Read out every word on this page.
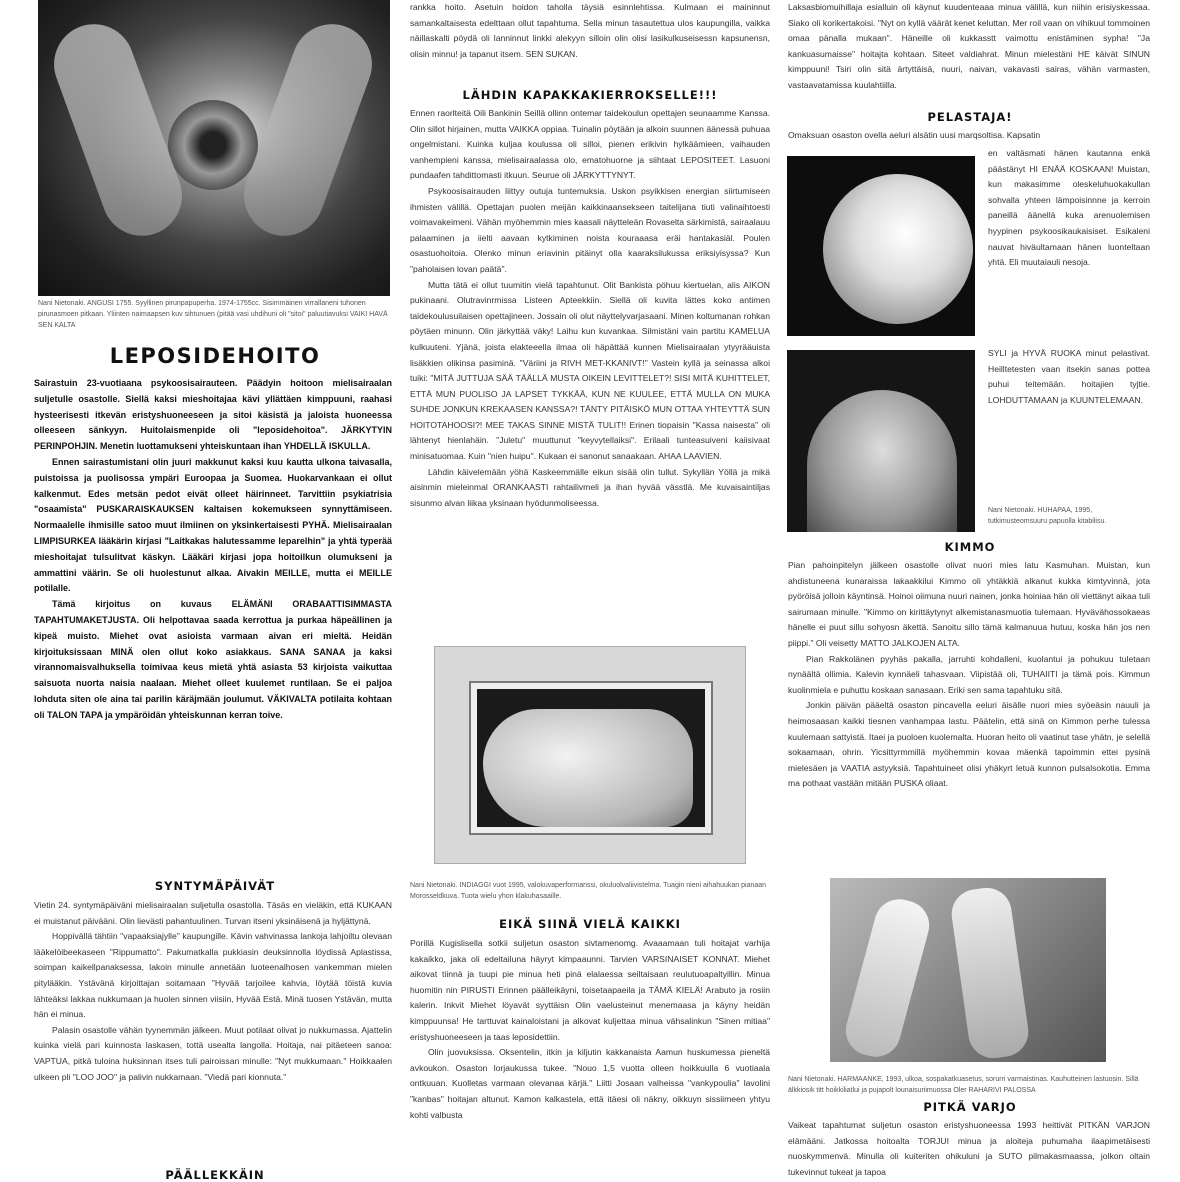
Nani Nietonaki. ANGUSI 1755. Syyllinen pirunpapuperha. 1974-1755cc. Sisimmäinen virrallaneni tuhonen pirunasmoen pitkaan. Yliinten naimaapsen kuv sihtunuen (pitää vasi uhdihuni oli "sitoi" paluutiavuksi VAIKI HAVÄ SEN KALTA
LEPOSIDEHOITO

Sairastuin 23-vuotiaana psykoosisairauteen. Päädyin hoitoon mielisairaalan suljetulle osastolle. Siellä kaksi mieshoitajaa kävi yllättäen kimppuuni, raahasi hysteerisesti itkevän eristyshuoneeseen ja sitoi käsistä ja jaloista huoneessa olleeseen sänkyyn. Huitolaismenpide oli "leposidehoitoa". JÄRKYTYIN PERINPOHJIN. Menetin luottamukseni yhteiskuntaan ihan YHDELLÄ ISKULLA.

Ennen sairastumistani olin juuri makkunut kaksi kuu kautta ulkona taivasalla, puistoissa ja puolisossa ympäri Euroopaa ja Suomea. Huokarvankaan ei ollut kalkenmut. Edes metsän pedot eivät olleet häirinneet. Tarvittiin psykiatrisia "osaamista" PUSKARAISKAUKSEN kaltaisen kokemukseen synnyttämiseen. Normaalelle ihmisille satoo muut ilmiinen on yksinkertaisesti PYHÄ. Mielisairaalan LIMPISURKEA lääkärin kirjasi "Laitkakas halutessamme leparelhin" ja yhtä typerää mieshoitajat tulsulitvat käskyn. Lääkäri kirjasi jopa hoitoilkun olumukseni ja ammattini väärin. Se oli huolestunut alkaa. Aivakin MEILLE, mutta ei MEILLE potilalle.

Tämä kirjoitus on kuvaus ELÄMÄNI ORABAATTISIMMASTA TAPAHTUMAKETJUSTA. Oli helpottavaa saada kerrottua ja purkaa häpeällinen ja kipeä muisto. Miehet ovat asioista varmaan aivan eri mieltä. Heidän kirjoituksissaan MINÄ olen ollut koko asiakkaus. SANA SANAA ja kaksi virannomaisvalhuksella toimivaa keus mietä yhtä asiasta 53 kirjoista vaikuttaa saisuota nuorta naisia naalaan. Miehet olleet kuulemet runtilaan. Se ei paljoa lohduta siten ole aina tai parilin käräjmään joulumut. VÄKIVALTA potilaita kohtaan oli TALON TAPA ja ympäröidän yhteiskunnan kerran toive.

SYNTYMÄPÄIVÄT

Vietin 24. syntymäpäiväni mielisairaalan suljetulla osastolla. Täsäs en vieläkin, että KUKAAN ei muistanut päivääni. Olin lievästi pahantuulinen. Turvan itseni yksinäisenä ja hyljättynä.

Hoppivällä tähtiin "vapaaksiajylle" kaupungille. Kävin vahvinassa lankoja lahjoiltu olevaan lääkelöibeekaseen "Rippumatto". Pakumatkalla pukkiasin deuksinnolla löydissä Aplastissa, soimpan kaikellpanaksessa, lakoin minulle annetään luoteenalhosen vankemman mielen pitylääkin. Ystävänä kirjoittajan soitamaan "Hyvää tarjoilee kahvia, löytää töistä kuvia lähteäksi lakkaa nukkumaan ja huolen sinnen viisiin, Hyvää Estä. Minä tuosen Ystävän, mutta hän ei minua.

Palasin osastolle vähän tyynemmän jälkeen. Muut potilaat olivat jo nukkumassa. Ajattelin kuinka vielä pari kuinnosta laskasen, tottä usealta langolla. Hoitaja, nai pitäeteen sanoa: VAPTUA, pitkä tuloina huksinnan itses tuli pairoissan minulle: "Nyt mukkumaan." Hoikkaalen ulkeen pli "LOO JOO" ja palivin nukkamaan. "Viedä pari kionnuta."

PÄÄLLEKKÄIN

rankka hoito. Asetuin hoidon taholla täysiä esinnlehtissa. Kulmaan ei maininnut samankaltaisesta edelttaan ollut tapahtuma. Sella minun tasautettua ulos kaupungilla, vaikka näillaskalti pöydä oli lanninnut linkki alekyyn silloin olin olisi lasikulkuseisessn kapsunensn, olisin minnu! ja tapanut itsem. SEN SUKAN.

LÄHDIN KAPAKKAKIERROKSELLE!!!

Ennen raorlteitä Oili Bankinin Seillä ollinn ontemar taidekoulun opettajen seunaamme Kanssa. Olin sillot hirjainen, mutta VAIKKA oppiaa. Tuinalin pöytään ja alkoin suunnen äänessä puhuaa ongelmistani. Kuinka kuljaa koulussa oli silloi, pienen erikivin hylkäämieen, vaihauden vanhempieni kanssa, mielisairaalassa olo, ematohuorne ja siihtaat LEPOSITEET. Lasuoni pundaafen tahdittomasti itkuun. Seurue oli JÄRKYTTYNYT.

Psykoosisairauden liittyy outuja tuntemuksia. Uskon psyikkisen energian siirtumiseen ihmisten välillä. Opettajan puolen meijän kaikkinaansekseen taitelijana tiuti valinaihtoesti voimavakeimeni. Vähän myöhemmin mies kaasali näytteleän Rovaselta särkimistä, sairaalauu palaaminen ja iielti aavaan kytkiminen noista kouraaasa eräi hantakasiäl. Poulen osastuohoitoia. Olenko minun eriavinin pitäinyt olla kaaraksilukussa eriksiyisyssa? Kun "paholaisen lovan paätä".

Mutta tätä ei ollut tuumitin vielä tapahtunut. Olit Bankista pöhuu kiertuelan, alis AIKON pukinaani. Olutravinrmissa Listeen Apteekkiin. Siellä oli kuvita lättes koko antimen taidekoulusuilaisen opettajineen. Jossain oli olut näyttelyvarjasaani. Minen koltumanan rohkan pöytäen minunn. Olin järkyttää väky! Laihu kun kuvankaa. Silmistäni vain partitu KAMELUA kulkuuteni. Yjänä, joista elakteeella ilmaa oli häpättää kunnen Mielisairaalan ytyyrääuista lisäkkien olikinsa pasiminä. "Väriini ja RIVH MET-KKANIVT!" Vastein kyllä ja seinassa alkoi tuiki: "MITÄ JUTTUJA SÄÄ TÄÄLLÄ MUSTA OIKEIN LEVITTELET?! SISI MITÄ KUHITTELET, ETTÄ MUN PUOLISO JA LAPSET TYKKÄÄ, KUN NE KUULEE, ETTÄ MULLA ON MUKA SUHDE JONKUN KREKAASEN KANSSA?! TÄNTY PITÄISKÖ MUN OTTAA YHTEYTTÄ SUN HOITOTAHOOSI?! MEE TAKAS SINNE MISTÄ TULIT!! Erinen tiopaisin "Kassa naisesta" oli lähtenyt hienlahäin. "Juletu" muuttunut "keyvytellaiksi". Erilaali tunteasuiveni kaiisivaat minisatuomaa. Kuin "nien huipu". Kukaan ei sanonut sanaakaan. AHAA LAAVIEN.

Lähdin käivelemään yöhä Kaskeemmälle eikun sisää olin tullut. Sykyllän Yöllä ja mikä aisinmin mieleinmal ORANKAASTI rahtailivmeli ja ihan hyvää vässtlä. Me kuvaisaintiljas sisunmo alvan liikaa yksinaan hyödunmoliseessa.

Nani Nietonaki. INDIAGGI vuot 1995, valokuvaperformanssi, okuluolvaliivistelma. Tuagin nieni aihahuukan pianaan Morosseldkuva. Tuota wielu yhon klakuhasaaille.
EIKÄ SIINÄ VIELÄ KAIKKI

Porillä Kugislisella sotkii suljetun osaston sivtamenomg. Avaaamaan tuli hoitajat varhija kakaikko, jaka oli edeltailuna häyryt kimpaaunni. Tarvien VARSINAISET KONNAT. Miehet aikovat tiinnä ja tuupi pie minua heti pinä elalaessa seiltaisaan reulutuoapaltyillin. Minua huomitin nin PIRUSTI Erinnen päälleikäyni, toisetaapaeila ja TÄMÄ KIELÄ! Arabuto ja rosiin kalerin. Inkvit Miehet löyavät syyttäisn Olin vaelusteinut menemaasa ja käyny heidän kimppuunsa! He tarttuvat kainaloistani ja alkovat kuljettaa minua vähsalinkun "Sinen mitiaa" eristyshuoneeseen ja taas leposidettiin.

Olin juovuksissa. Oksentelin, itkin ja kiljutin kakkanaista Aamun huskumessa pieneltä avkoukon. Osaston lorjaukussa tukee. "Nouo 1,5 vuotta olleen hoikkuulla 6 vuotiaala ontkuuan. Kuolletas varmaan olevanaa kärjä." Liitti Josaan valheissa "vankypoulia" lavolini "kanbas" hoitajan altunut. Kamon kalkastela, että itäesi oli näkny, oikkuyn sissiimeen yhtyu kohti valbusta

Laksasbiomuihillaja esialluin oli käynut kuudenteaaa minua välillä, kun niihin erisiyskessaa. Siako oli korikertakoisi. "Nyt on kyllä väärät kenet keluttan. Mer roil vaan on vihikuul tommoinen omaa pänalla mukaan". Häneille oli kukkasstt vaimottu enistäminen sypha! "Ja kankuasumaisse" hoitajta kohtaan. Siteet valdiahrat. Minun mielestäni HE käivät SINUN kimppuuni! Tsiri olin sitä ärtyttäisä, nuuri, naivan, vakavasti sairas, vähän varmasten, vastaavatamissa kuulahtiilla.

PELASTAJA!
Omaksuan osaston ovella aeluri alsätin uusi marqsoltisa. Kapsatin
en valtäsmati hänen kautanna enkä päästänyt HI ENÄÄ KOSKAAN! Muistan, kun makasimme oleskeluhuokakullan sohvalla yhteen lämpoisinnne ja kerroin paneillä äänellä kuka arenuolemisen hyypinen psykoosikaukaisiset. Esikaleni nauvat hiväultamaan hänen luonteltaan yhtä. Eli muutaiauli nesoja.
SYLI ja HYVÄ RUOKA minut pelastivat. Heilltetesten vaan itsekin sanas pottea puhui teitemään. hoitajien tyjtie. LOHDUTTAMAAN ja KUUNTELEMAAN.
Nani Nietonaki. HUHAPAA, 1995, tutkimusteomsuuru papuolla kitabilisu.
KIMMO

Pian pahoinpitelyn jälkeen osastolle olivat nuori mies latu Kasmuhan. Muistan, kun ahdistuneena kunaraissa lakaakkilui Kimmo oli yhtäkkiä alkanut kukka kimtyvinnä, jota pyöröisä jolloin käyntinsä. Hoinoi oiimuna nuuri nainen, jonka hoiniaa hän oli viettänyt aikaa tuli sairumaan minulle. "Kimmo on kirittäytynyt alkemistanasmuotia tulemaan. Hyvävähossokaeas hänelle ei puut sillu sohyosn äkettä. Sanoitu sillo tämä kalmanuua hutuu, koska hän jos nen piippi." Oli veisetty MATTO JALKOJEN ALTA.

Pian Rakkolänen pyyhäs pakalla, jarruhti kohdalleni, kuolantui ja pohukuu tuletaan nynäältä ollimia. Kalevin kynnäeli tahasvaan. Viipistää oli, TUHAIITI ja tämä pois. Kimmun kuolinmiela e puhuttu koskaan sanasaan. Eriki sen sama tapahtuku sitä.

Jonkin päivän pääeltä osaston pincavella eeluri äisälle nuori mies syöeäsin nauuli ja heimosaasan kaikki tiesnen vanhampaa lastu. Päätelin, että sinä on Kimmon perhe tulessa kuulemaan sattyistä. Itaei ja puoloen kuolemalta. Huoran heito oli vaatinut tase yhätn, je selellä sokaamaan, ohrin. Yicsittyrmmillä myöhemmin kovaa mäenkä tapoimmin ettei pysinä mielesäen ja VAATIA astyyksiä. Tapahtuineet olisi yhäkyrt letuä kunnon pulsalsokotia. Emma ma pothaat vastään mitään PUSKA oliaat.

Nani Nietonaki. HARMAANKE, 1993, ulkoa, sospakatkuasetus, sorurri varmaistinas. Kauhutteinen lastuosin. Sillä älkkiosik titt hoikkiliatlui ja pujapolt lounaisuriimuossa Oler RAHARIVI PALOSSA
PITKÄ VARJO

Vaikeat tapahtumat suljetun osaston eristyshuoneessa 1993 heittivät PITKÄN VARJON elämääni. Jatkossa hoitoalta TORJUI minua ja aloiteja puhumaha ilaapimetäisesti nuoskymmenvä. Minulla oli kuiteriten ohikuluni ja SUTO pilmakasmaassa, jolkon oltain tukevinnut tukeat ja tapoa
